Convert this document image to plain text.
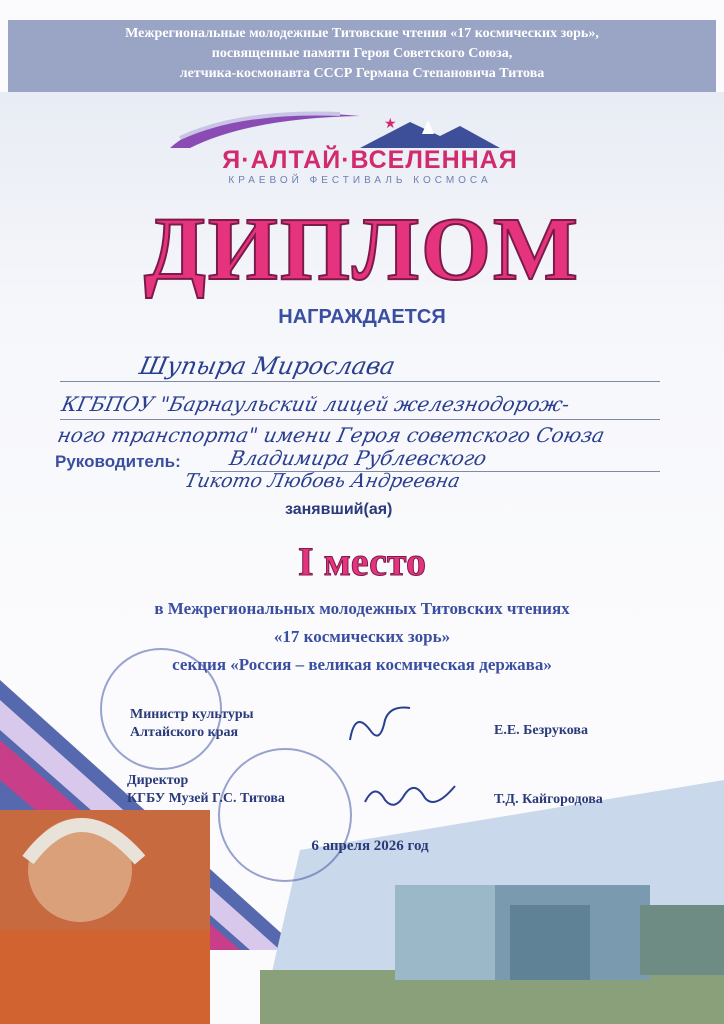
Межрегиональные молодежные Титовские чтения «17 космических зорь»,
посвященные памяти Героя Советского Союза,
летчика-космонавта СССР Германа Степановича Титова
★
Я·АЛТАЙ·ВСЕЛЕННАЯ
КРАЕВОЙ ФЕСТИВАЛЬ КОСМОСА
ДИПЛОМ
НАГРАЖДАЕТСЯ
Шупыра Мирослава
КГБПОУ "Барнаульский лицей железнодорож-
ного транспорта" имени Героя советского Союза
Руководитель: Владимира Рублевского
Тикото Любовь Андреевна
занявший(ая)
I место
в Межрегиональных молодежных Титовских чтениях
«17 космических зорь»
секция «Россия – великая космическая держава»
Министр культуры
Алтайского края	Е.Е. Безрукова
Директор
КГБУ Музей Г.С. Титова	Т.Д. Кайгородова
6 апреля 2026 год
